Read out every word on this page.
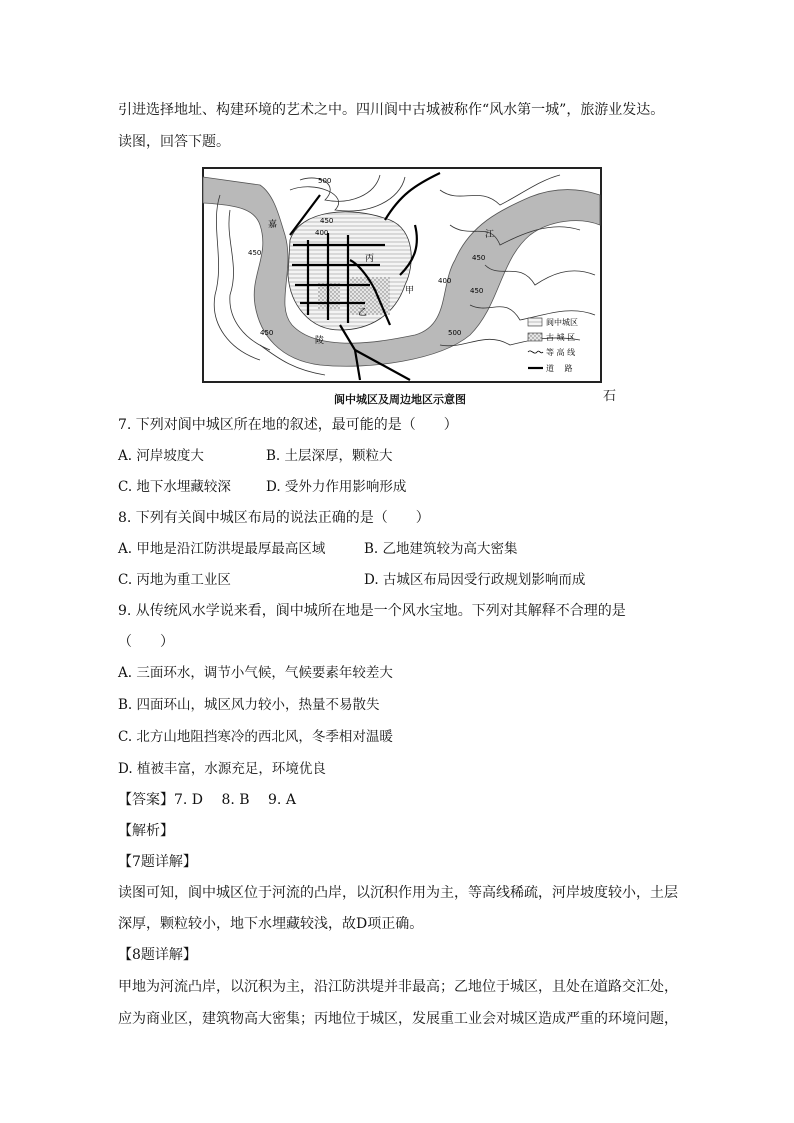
引进选择地址、构建环境的艺术之中。四川阆中古城被称作“风水第一城”，旅游业发达。
读图，回答下题。
500
450
400
450
450
400
450
500
450
嘉
陵
江
丙
甲
乙
阆中城区
古 城 区
等 高 线
道　 路
阆中城区及周边地区示意图	石
7. 下列对阆中城区所在地的叙述，最可能的是（　　）
A. 河岸坡度大	B. 土层深厚，颗粒大
C. 地下水埋藏较深	D. 受外力作用影响形成
8. 下列有关阆中城区布局的说法正确的是（　　）
A. 甲地是沿江防洪堤最厚最高区域	B. 乙地建筑较为高大密集
C. 丙地为重工业区	D. 古城区布局因受行政规划影响而成
9. 从传统风水学说来看，阆中城所在地是一个风水宝地。下列对其解释不合理的是
（　　）
A. 三面环水，调节小气候，气候要素年较差大
B. 四面环山，城区风力较小，热量不易散失
C. 北方山地阻挡寒冷的西北风，冬季相对温暖
D. 植被丰富，水源充足，环境优良
【答案】7. D　 8. B　 9. A
【解析】
【7题详解】
读图可知，阆中城区位于河流的凸岸，以沉积作用为主，等高线稀疏，河岸坡度较小，土层
深厚，颗粒较小，地下水埋藏较浅，故D项正确。
【8题详解】
甲地为河流凸岸，以沉积为主，沿江防洪堤并非最高；乙地位于城区，且处在道路交汇处，
应为商业区，建筑物高大密集；丙地位于城区，发展重工业会对城区造成严重的环境问题，
